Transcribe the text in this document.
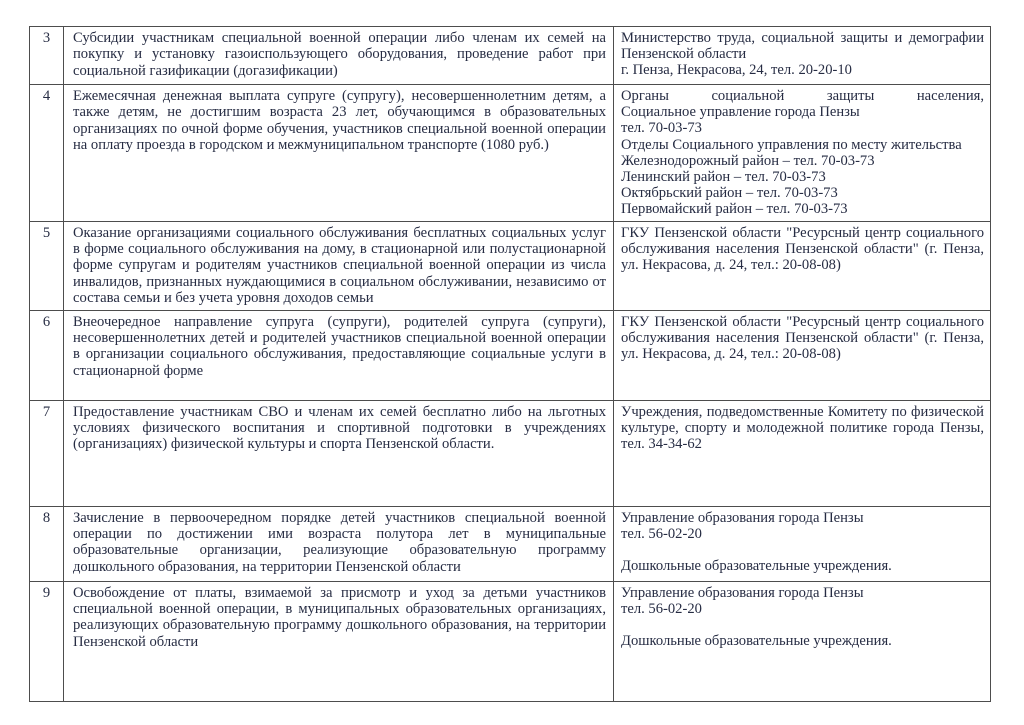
3	Субсидии участникам специальной военной операции либо членам их семей на покупку и установку газоиспользующего оборудования, проведение работ при социальной газификации (догазификации)	Министерство труда, социальной защиты и демографии Пензенской области
г. Пенза, Некрасова, 24, тел. 20-20-10

4	Ежемесячная денежная выплата супруге (супругу), несовершеннолетним детям, а также детям, не достигшим возраста 23 лет, обучающимся в образовательных организациях по очной форме обучения, участников специальной военной операции на оплату проезда в городском и межмуниципальном транспорте (1080 руб.)	
Органы социальной защиты населения,
Социальное управление города Пензы
тел. 70-03-73
Отделы Социального управления по месту жительства
Железнодорожный район – тел. 70-03-73
Ленинский район – тел. 70-03-73
Октябрьский район – тел. 70-03-73
Первомайский район – тел. 70-03-73

5	Оказание организациями социального обслуживания бесплатных социальных услуг в форме социального обслуживания на дому, в стационарной или полустационарной форме супругам и родителям участников специальной военной операции из числа инвалидов, признанных нуждающимися в социальном обслуживании, независимо от состава семьи и без учета уровня доходов семьи	ГКУ Пензенской области "Ресурсный центр социального обслуживания населения Пензенской области" (г. Пенза, ул. Некрасова, д. 24, тел.: 20-08-08)

6	Внеочередное направление супруга (супруги), родителей супруга (супруги), несовершеннолетних детей и родителей участников специальной военной операции в организации социального обслуживания, предоставляющие социальные услуги в стационарной форме	ГКУ Пензенской области "Ресурсный центр социального обслуживания населения Пензенской области" (г. Пенза, ул. Некрасова, д. 24, тел.: 20-08-08)

7	Предоставление участникам СВО и членам их семей бесплатно либо на льготных условиях физического воспитания и спортивной подготовки в учреждениях (организациях) физической культуры и спорта Пензенской области.	Учреждения, подведомственные Комитету по физической культуре, спорту и молодежной политике города Пензы, тел. 34-34-62

8	Зачисление в первоочередном порядке детей участников специальной военной операции по достижении ими возраста полутора лет в муниципальные образовательные организации, реализующие образовательную программу дошкольного образования, на территории Пензенской области	
Управление образования города Пензы
тел. 56-02-20

Дошкольные образовательные учреждения.

9	Освобождение от платы, взимаемой за присмотр и уход за детьми участников специальной военной операции, в муниципальных образовательных организациях, реализующих образовательную программу дошкольного образования, на территории Пензенской области	
Управление образования города Пензы
тел. 56-02-20

Дошкольные образовательные учреждения.
